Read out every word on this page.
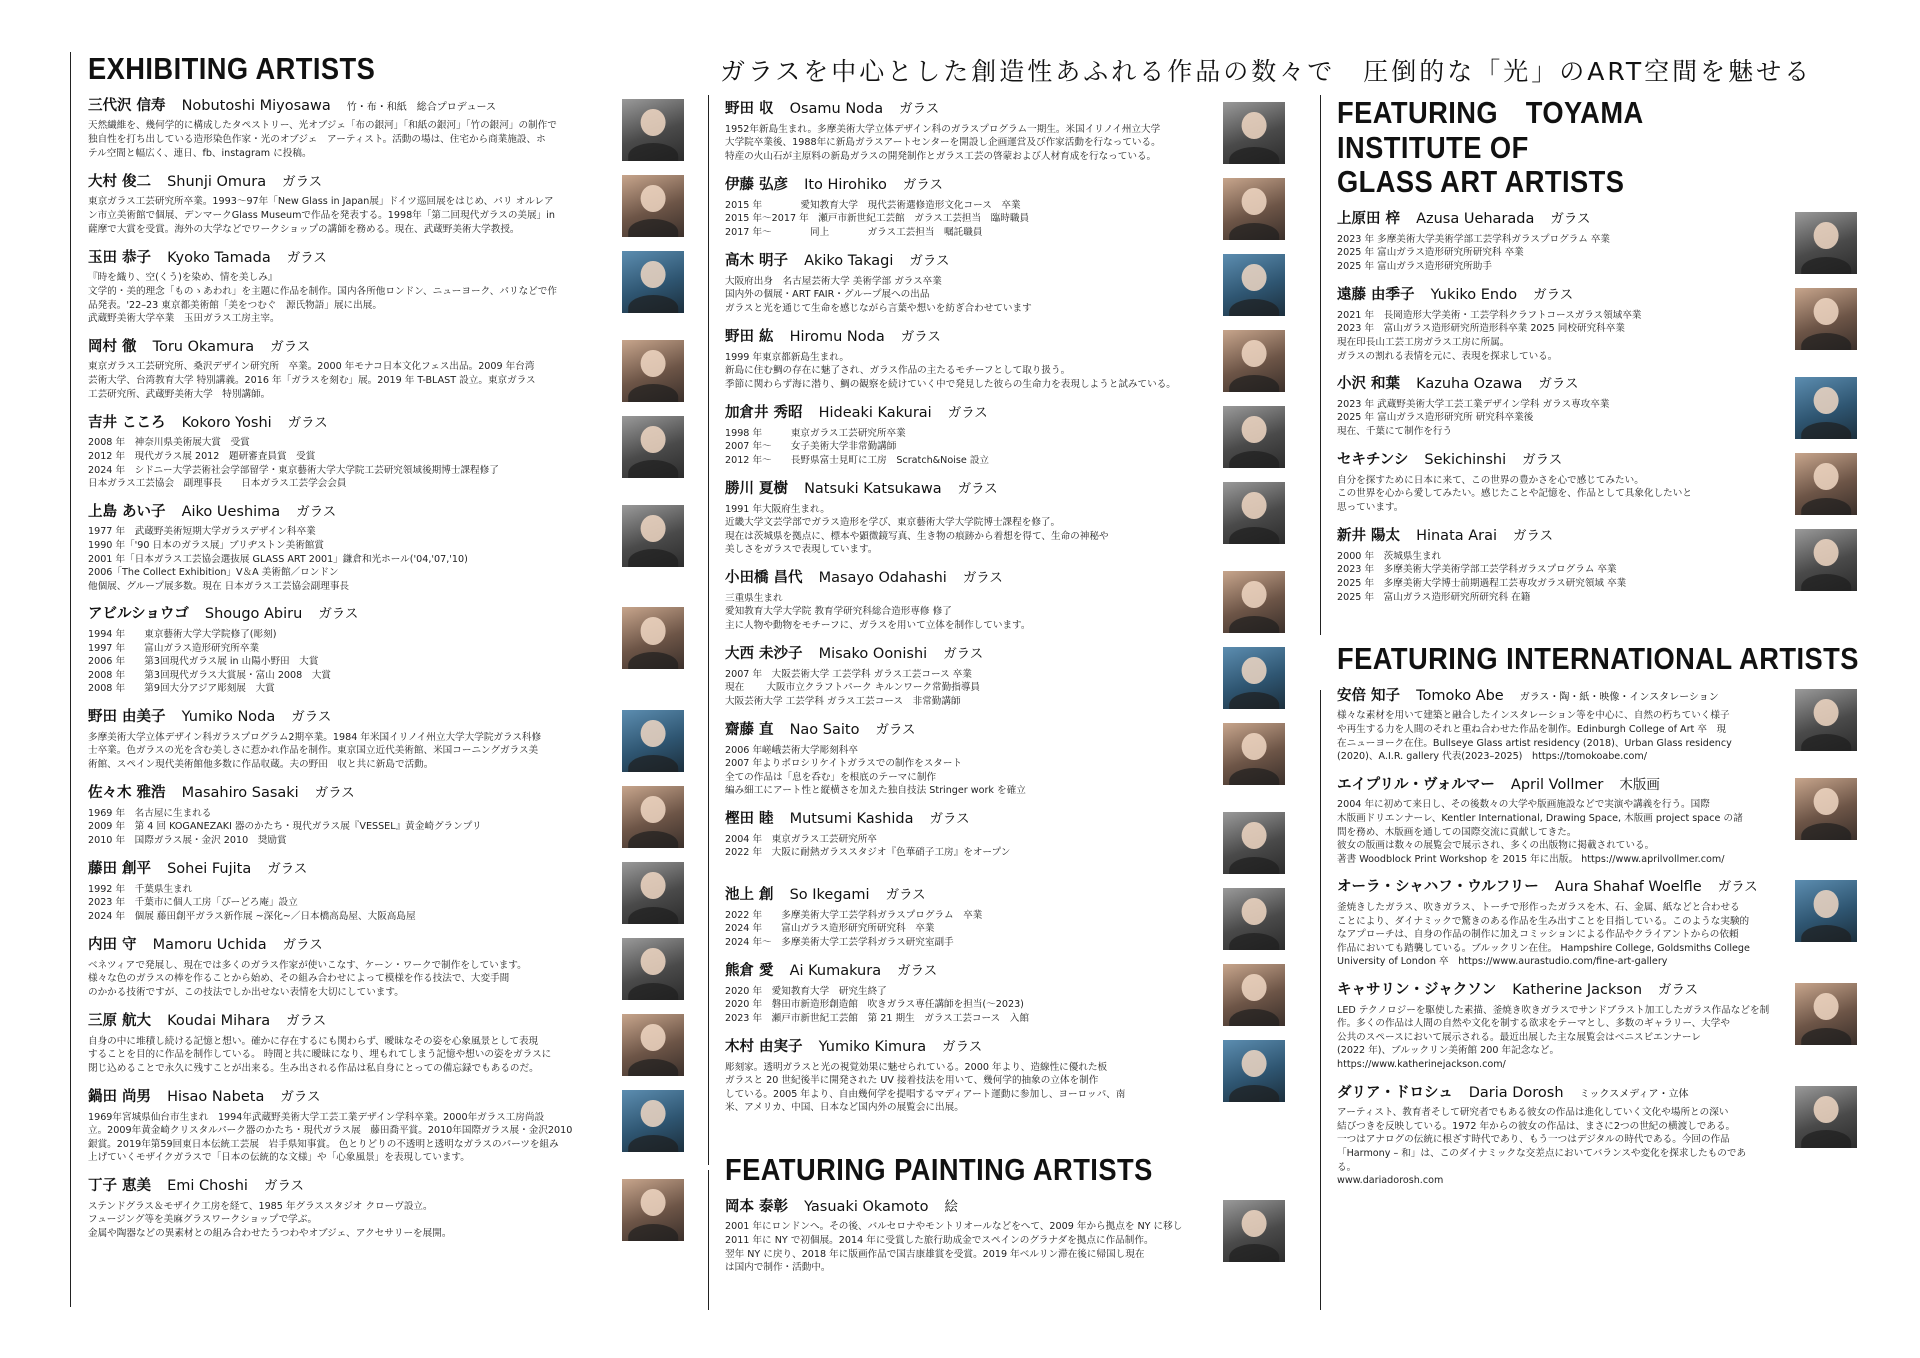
ガラスを中心とした創造性あふれる作品の数々で　圧倒的な「光」のART空間を魅せる
EXHIBITING ARTISTS
三代沢 信寿 Nobutoshi Miyosawa 竹・布・和紙　総合プロデュース
天然繊維を、幾何学的に構成したタペストリー、光オブジェ「布の銀河」「和紙の銀河」「竹の銀河」の制作で
独自性を打ち出している造形染色作家・光のオブジェ　アーティスト。活動の場は、住宅から商業施設、ホ
テル空間と幅広く、連日、fb、instagram に投稿。
大村 俊二 Shunji Omura ガラス
東京ガラス工芸研究所卒業。1993～97年「New Glass in Japan展」ドイツ巡回展をはじめ、パリ オルレア
ン市立美術館で個展、デンマークGlass Museumで作品を発表する。1998年「第二回現代ガラスの美展」in
薩摩で大賞を受賞。海外の大学などでワークショップの講師を務める。現在、武蔵野美術大学教授。
玉田 恭子 Kyoko Tamada ガラス
『時を織り、空(くう)を染め、情を美しみ』
文学的・美的理念「ものゝあわれ」を主題に作品を制作。国内各所他ロンドン、ニューヨーク、パリなどで作
品発表。'22–23 東京都美術館「美をつむぐ　源氏物語」展に出展。
武蔵野美術大学卒業　玉田ガラス工房主宰。
岡村 徹 Toru Okamura ガラス
東京ガラス工芸研究所、桑沢デザイン研究所　卒業。2000 年モナコ日本文化フェス出品。2009 年台湾
芸術大学、台湾教育大学 特別講義。2016 年「ガラスを刻む」展。2019 年 T-BLAST 設立。東京ガラス
工芸研究所、武蔵野美術大学　特別講師。
吉井 こころ Kokoro Yoshi ガラス
2008 年　神奈川県美術展大賞　受賞
2012 年　現代ガラス展 2012　題研審査員賞　受賞
2024 年　シドニー大学芸術社会学部留学・東京藝術大学大学院工芸研究領域後期博士課程修了
日本ガラス工芸協会　副理事長　　日本ガラス工芸学会会員
上島 あい子 Aiko Ueshima ガラス
1977 年　武蔵野美術短期大学ガラスデザイン科卒業
1990 年「'90 日本のガラス展」ブリヂストン美術館賞
2001 年「日本ガラス工芸協会選抜展 GLASS ART 2001」鎌倉和光ホール('04,'07,'10)
2006「The Collect Exhibition」V＆A 美術館／ロンドン
他個展、グループ展多数。現在 日本ガラス工芸協会副理事長
アビルショウゴ Shougo Abiru ガラス
1994 年　　東京藝術大学大学院修了(彫刻)
1997 年　　富山ガラス造形研究所卒業
2006 年　　第3回現代ガラス展 in 山陽小野田　大賞
2008 年　　第3回現代ガラス大賞展・富山 2008　大賞
2008 年　　第9回大分アジア彫刻展　大賞
野田 由美子 Yumiko Noda ガラス
多摩美術大学立体デザイン科ガラスプログラム2期卒業。1984 年米国イリノイ州立大学大学院ガラス科修
士卒業。色ガラスの光を含む美しさに惹かれ作品を制作。東京国立近代美術館、米国コーニングガラス美
術館、スペイン現代美術館他多数に作品収蔵。夫の野田　収と共に新島で活動。
佐々木 雅浩 Masahiro Sasaki ガラス
1969 年　名古屋に生まれる
2009 年　第 4 回 KOGANEZAKI 器のかたち・現代ガラス展『VESSEL』黄金崎グランプリ
2010 年　国際ガラス展・金沢 2010　奨励賞
藤田 創平 Sohei Fujita ガラス
1992 年　千葉県生まれ
2023 年　千葉市に個人工房「ぴーどろ庵」設立
2024 年　個展 藤田創平ガラス新作展 ~深化~／日本橋高島屋、大阪高島屋
内田 守 Mamoru Uchida ガラス
ベネツィアで発展し、現在では多くのガラス作家が使いこなす、ケーン・ワークで制作をしています。
様々な色のガラスの棒を作ることから始め、その組み合わせによって模様を作る技法で、大変手間
のかかる技術ですが、この技法でしか出せない表情を大切にしています。
三原 航大 Koudai Mihara ガラス
自身の中に堆積し続ける記憶と想い。確かに存在するにも関わらず、曖昧なその姿を心象風景として表現
することを目的に作品を制作している。 時間と共に曖昧になり、埋もれてしまう記憶や想いの姿をガラスに
閉じ込めることで永久に残すことが出来る。生み出される作品は私自身にとっての備忘録でもあるのだ。
鍋田 尚男 Hisao Nabeta ガラス
1969年宮城県仙台市生まれ　1994年武蔵野美術大学工芸工業デザイン学科卒業。2000年ガラス工房尚設
立。2009年黄金崎クリスタルパーク器のかたち・現代ガラス展　藤田喬平賞。2010年国際ガラス展・金沢2010
銀賞。2019年第59回東日本伝統工芸展　岩手県知事賞。 色とりどりの不透明と透明なガラスのパーツを組み
上げていくモザイクガラスで「日本の伝統的な文様」や「心象風景」を表現しています。
丁子 恵美 Emi Choshi ガラス
ステンドグラス＆モザイク工房を経て、1985 年グラススタジオ クローヴ設立。
フュージング等を美麻グラスワークショップで学ぶ。
金属や陶器などの異素材との組み合わせたうつわやオブジェ、アクセサリーを展開。
野田 収 Osamu Noda ガラス
1952年新島生まれ。多摩美術大学立体デザイン科のガラスプログラム一期生。米国イリノイ州立大学
大学院卒業後、1988年に新島ガラスアートセンターを開設し企画運営及び作家活動を行なっている。
特産の火山石が主原料の新島ガラスの開発制作とガラス工芸の啓蒙および人材育成を行なっている。
伊藤 弘彦 Ito Hirohiko ガラス
2015 年　　　　愛知教育大学　現代芸術選修造形文化コース　卒業
2015 年～2017 年　瀬戸市新世紀工芸館　ガラス工芸担当　臨時職員
2017 年～　　　　同上　　　　ガラス工芸担当　嘱託職員
高木 明子 Akiko Takagi ガラス
大阪府出身　名古屋芸術大学 美術学部 ガラス卒業
国内外の個展・ART FAIR・グループ展への出品
ガラスと光を通じて生命を感じながら言葉や想いを紡ぎ合わせています
野田 紘 Hiromu Noda ガラス
1999 年東京都新島生まれ。
新島に住む鯛の存在に魅了され、ガラス作品の主たるモチーフとして取り扱う。
季節に関わらず海に潜り、鯛の観察を続けていく中で発見した彼らの生命力を表現しようと試みている。
加倉井 秀昭 Hideaki Kakurai ガラス
1998 年　　　東京ガラス工芸研究所卒業
2007 年～　　女子美術大学非常勤講師
2012 年～　　長野県富士見町に工房　Scratch&Noise 設立
勝川 夏樹 Natsuki Katsukawa ガラス
1991 年大阪府生まれ。
近畿大学文芸学部でガラス造形を学び、東京藝術大学大学院博士課程を修了。
現在は茨城県を拠点に、標本や顕微鏡写真、生き物の痕跡から着想を得て、生命の神秘や
美しさをガラスで表現しています。
小田橋 昌代 Masayo Odahashi ガラス
三重県生まれ
愛知教育大学大学院 教育学研究科総合造形専修 修了
主に人物や動物をモチーフに、ガラスを用いて立体を制作しています。
大西 未沙子 Misako Oonishi ガラス
2007 年　大阪芸術大学 工芸学科 ガラス工芸コース 卒業
現在　　 大阪市立クラフトパーク キルンワーク常勤指導員
大阪芸術大学 工芸学科 ガラス工芸コース　非常勤講師
齋藤 直 Nao Saito ガラス
2006 年嵯峨芸術大学彫刻科卒
2007 年よりボロシリケイトガラスでの制作をスタート
全ての作品は「息を呑む」を根底のテーマに制作
編み細工にアート性と縦横さを加えた独自技法 Stringer work を確立
樫田 睦 Mutsumi Kashida ガラス
2004 年　東京ガラス工芸研究所卒
2022 年　大阪に耐熱ガラススタジオ『色華硝子工房』をオープン
池上 創 So Ikegami ガラス
2022 年　　多摩美術大学工芸学科ガラスプログラム　卒業
2024 年　　富山ガラス造形研究所研究科　卒業
2024 年～　多摩美術大学工芸学科ガラス研究室副手
熊倉 愛 Ai Kumakura ガラス
2020 年　愛知教育大学　研究生終了
2020 年　磐田市新造形創造館　吹きガラス専任講師を担当(～2023)
2023 年　瀬戸市新世紀工芸館　第 21 期生　ガラス工芸コース　入館
木村 由実子 Yumiko Kimura ガラス
彫刻家。透明ガラスと光の視覚効果に魅せられている。2000 年より、造線性に優れた板
ガラスと 20 世紀後半に開発された UV 接着技法を用いて、幾何学的抽象の立体を制作
している。2005 年より、自由幾何学を提唱するマディアート運動に参加し、ヨーロッパ、南
米、アメリカ、中国、日本など国内外の展覧会に出展。
FEATURING PAINTING ARTISTS
岡本 泰彰 Yasuaki Okamoto 絵
2001 年にロンドンへ。その後、バルセロナやモントリオールなどをへて、2009 年から拠点を NY に移し
2011 年に NY で初個展。2014 年に受賞した旅行助成金でスペインのグラナダを拠点に作品制作。
翌年 NY に戻り、2018 年に版画作品で国吉康雄賞を受賞。2019 年ベルリン滞在後に帰国し現在
は国内で制作・活動中。
FEATURING　TOYAMA INSTITUTE OF
GLASS ART ARTISTS
上原田 梓 Azusa Ueharada ガラス
2023 年 多摩美術大学美術学部工芸学科ガラスプログラム 卒業
2025 年 富山ガラス造形研究所研究科 卒業
2025 年 富山ガラス造形研究所助手
遠藤 由季子 Yukiko Endo ガラス
2021 年　長岡造形大学美術・工芸学科クラフトコースガラス領域卒業
2023 年　富山ガラス造形研究所造形科卒業 2025 同校研究科卒業
現在印長山工芸工房ガラス工房に所属。
ガラスの割れる表情を元に、表現を探求している。
小沢 和葉 Kazuha Ozawa ガラス
2023 年 武蔵野美術大学工芸工業デザイン学科 ガラス専攻卒業
2025 年 富山ガラス造形研究所 研究科卒業後
現在、千葉にて制作を行う
セキチンシ Sekichinshi ガラス
自分を探すために日本に来て、この世界の豊かさを心で感じてみたい。
この世界を心から愛してみたい。感じたことや記憶を、作品として具象化したいと
思っています。
新井 陽太 Hinata Arai ガラス
2000 年　茨城県生まれ
2023 年　多摩美術大学美術学部工芸学科ガラスプログラム 卒業
2025 年　多摩美術大学博士前期過程工芸専攻ガラス研究領域 卒業
2025 年　富山ガラス造形研究所研究科 在籍
FEATURING INTERNATIONAL ARTISTS
安倍 知子 Tomoko Abe ガラス・陶・紙・映像・インスタレーション
様々な素材を用いて建築と融合したインスタレーション等を中心に、自然の朽ちていく様子
や再生する力を人間のそれと重ね合わせた作品を制作。Edinburgh College of Art 卒　現
在ニューヨーク在住。Bullseye Glass artist residency (2018)、Urban Glass residency
(2020)、A.I.R. gallery 代表(2023–2025)　https://tomokoabe.com/
エイプリル・ヴォルマー April Vollmer 木版画
2004 年に初めて来日し、その後数々の大学や版画施設などで実演や講義を行う。国際
木版画ドリエンナーレ、Kentler International, Drawing Space, 木版画 project space の諸
問を務め、木版画を通しての国際交流に貢献してきた。
彼女の版画は数々の展覧会で展示され、多くの出版物に掲載されている。
著書 Woodblock Print Workshop を 2015 年に出版。 https://www.aprilvollmer.com/
オーラ・シャハフ・ウルフリー Aura Shahaf Woelfle ガラス
釜焼きしたガラス、吹きガラス、トーチで形作ったガラスを木、石、金属、紙などと合わせる
ことにより、ダイナミックで驚きのある作品を生み出すことを目指している。このような実験的
なアプローチは、自身の作品の制作に加えコミッションによる作品やクライアントからの依頼
作品においても踏襲している。ブルックリン在住。 Hampshire College, Goldsmiths College
University of London 卒　https://www.aurastudio.com/fine-art-gallery
キャサリン・ジャクソン Katherine Jackson ガラス
LED テクノロジーを駆使した素描、釜焼き吹きガラスでサンドブラスト加工したガラス作品などを制
作。多くの作品は人間の自然や文化を制する欲求をテーマとし、多数のギャラリー、大学や
公共のスペースにおいて展示される。最近出展した主な展覧会はベニスビエンナーレ
(2022 年)、ブルックリン美術館 200 年記念など。
https://www.katherinejackson.com/
ダリア・ドロシュ Daria Dorosh ミックスメディア・立体
アーティスト、教育者そして研究者でもある彼女の作品は進化していく文化や場所との深い
結びつきを反映している。1972 年からの彼女の作品は、まさに2つの世紀の横渡しである。
一つはアナログの伝統に根ざす時代であり、もう一つはデジタルの時代である。今回の作品
「Harmony – 和」は、このダイナミックな交差点においてバランスや変化を探求したものであ
る。
www.dariadorosh.com
